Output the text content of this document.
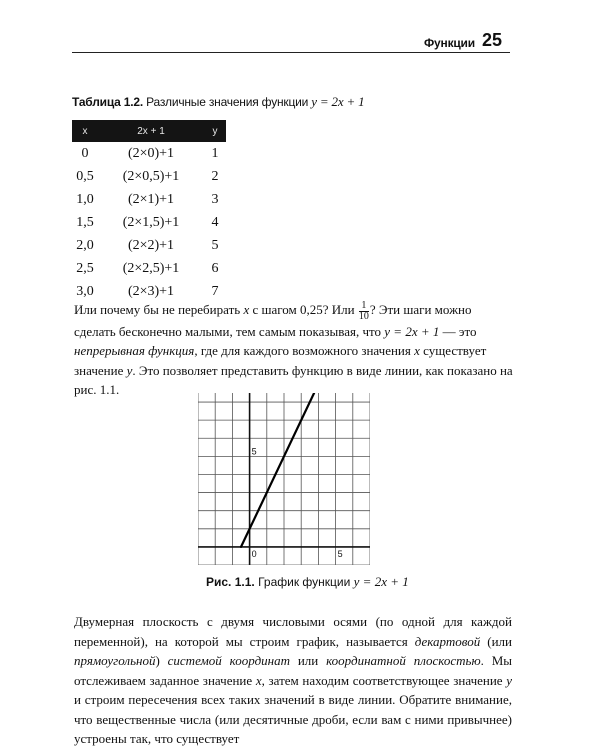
Функции 25
Таблица 1.2. Различные значения функции y = 2x + 1
x	2x + 1	y
0	(2×0)+1	1
0,5	(2×0,5)+1	2
1,0	(2×1)+1	3
1,5	(2×1,5)+1	4
2,0	(2×2)+1	5
2,5	(2×2,5)+1	6
3,0	(2×3)+1	7
Или почему бы не перебирать x с шагом 0,25? Или $\frac{1}{10}$ ? Эти шаги можно сделать бесконечно малыми, тем самым показывая, что y = 2x + 1 — это непрерывная функция, где для каждого возможного значения x существует значение y. Это позволяет представить функцию в виде линии, как показано на рис. 1.1.
0	5
5
Рис. 1.1. График функции y = 2x + 1
Двумерная плоскость с двумя числовыми осями (по одной для каждой переменной), на которой мы строим график, называется декартовой (или прямоугольной) системой координат или координатной плоскостью. Мы отслеживаем заданное значение x, затем находим соответствующее значение y и строим пересечения всех таких значений в виде линии. Обратите внимание, что вещественные числа (или десятичные дроби, если вам с ними привычнее) устроены так, что существует
